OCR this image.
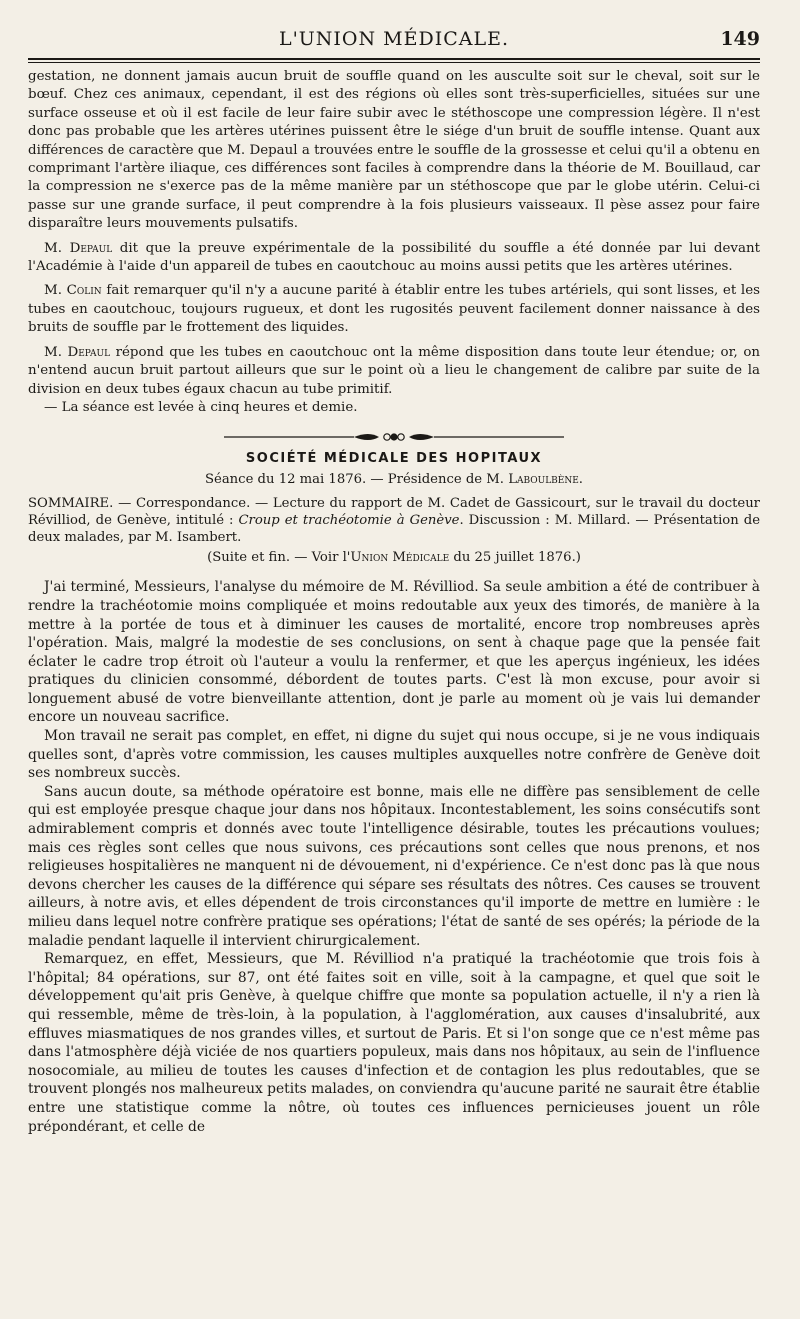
L'UNION MÉDICALE.	149

gestation, ne donnent jamais aucun bruit de souffle quand on les ausculte soit sur le cheval, soit sur le bœuf. Chez ces animaux, cependant, il est des régions où elles sont très-superficielles, situées sur une surface osseuse et où il est facile de leur faire subir avec le stéthoscope une compression légère. Il n'est donc pas probable que les artères utérines puissent être le siége d'un bruit de souffle intense. Quant aux différences de caractère que M. Depaul a trouvées entre le souffle de la grossesse et celui qu'il a obtenu en comprimant l'artère iliaque, ces différences sont faciles à comprendre dans la théorie de M. Bouillaud, car la compression ne s'exerce pas de la même manière par un stéthoscope que par le globe utérin. Celui-ci passe sur une grande surface, il peut comprendre à la fois plusieurs vaisseaux. Il pèse assez pour faire disparaître leurs mouvements pulsatifs.

M. Depaul dit que la preuve expérimentale de la possibilité du souffle a été donnée par lui devant l'Académie à l'aide d'un appareil de tubes en caoutchouc au moins aussi petits que les artères utérines.

M. Colin fait remarquer qu'il n'y a aucune parité à établir entre les tubes artériels, qui sont lisses, et les tubes en caoutchouc, toujours rugueux, et dont les rugosités peuvent facilement donner naissance à des bruits de souffle par le frottement des liquides.

M. Depaul répond que les tubes en caoutchouc ont la même disposition dans toute leur étendue; or, on n'entend aucun bruit partout ailleurs que sur le point où a lieu le changement de calibre par suite de la division en deux tubes égaux chacun au tube primitif.

— La séance est levée à cinq heures et demie.

SOCIÉTÉ MÉDICALE DES HOPITAUX
Séance du 12 mai 1876. — Présidence de M. Laboulbène.

SOMMAIRE. — Correspondance. — Lecture du rapport de M. Cadet de Gassicourt, sur le travail du docteur Révilliod, de Genève, intitulé : Croup et trachéotomie à Genève. Discussion : M. Millard. — Présentation de deux malades, par M. Isambert.

(Suite et fin. — Voir l'Union Médicale du 25 juillet 1876.)

J'ai terminé, Messieurs, l'analyse du mémoire de M. Révilliod. Sa seule ambition a été de contribuer à rendre la trachéotomie moins compliquée et moins redoutable aux yeux des timorés, de manière à la mettre à la portée de tous et à diminuer les causes de mortalité, encore trop nombreuses après l'opération. Mais, malgré la modestie de ses conclusions, on sent à chaque page que la pensée fait éclater le cadre trop étroit où l'auteur a voulu la renfermer, et que les aperçus ingénieux, les idées pratiques du clinicien consommé, débordent de toutes parts. C'est là mon excuse, pour avoir si longuement abusé de votre bienveillante attention, dont je parle au moment où je vais lui demander encore un nouveau sacrifice.

Mon travail ne serait pas complet, en effet, ni digne du sujet qui nous occupe, si je ne vous indiquais quelles sont, d'après votre commission, les causes multiples auxquelles notre confrère de Genève doit ses nombreux succès.

Sans aucun doute, sa méthode opératoire est bonne, mais elle ne diffère pas sensiblement de celle qui est employée presque chaque jour dans nos hôpitaux. Incontestablement, les soins consécutifs sont admirablement compris et donnés avec toute l'intelligence désirable, toutes les précautions voulues; mais ces règles sont celles que nous suivons, ces précautions sont celles que nous prenons, et nos religieuses hospitalières ne manquent ni de dévouement, ni d'expérience. Ce n'est donc pas là que nous devons chercher les causes de la différence qui sépare ses résultats des nôtres. Ces causes se trouvent ailleurs, à notre avis, et elles dépendent de trois circonstances qu'il importe de mettre en lumière : le milieu dans lequel notre confrère pratique ses opérations; l'état de santé de ses opérés; la période de la maladie pendant laquelle il intervient chirurgicalement.

Remarquez, en effet, Messieurs, que M. Révilliod n'a pratiqué la trachéotomie que trois fois à l'hôpital; 84 opérations, sur 87, ont été faites soit en ville, soit à la campagne, et quel que soit le développement qu'ait pris Genève, à quelque chiffre que monte sa population actuelle, il n'y a rien là qui ressemble, même de très-loin, à la population, à l'agglomération, aux causes d'insalubrité, aux effluves miasmatiques de nos grandes villes, et surtout de Paris. Et si l'on songe que ce n'est même pas dans l'atmosphère déjà viciée de nos quartiers populeux, mais dans nos hôpitaux, au sein de l'influence nosocomiale, au milieu de toutes les causes d'infection et de contagion les plus redoutables, que se trouvent plongés nos malheureux petits malades, on conviendra qu'aucune parité ne saurait être établie entre une statistique comme la nôtre, où toutes ces influences pernicieuses jouent un rôle prépondérant, et celle de
